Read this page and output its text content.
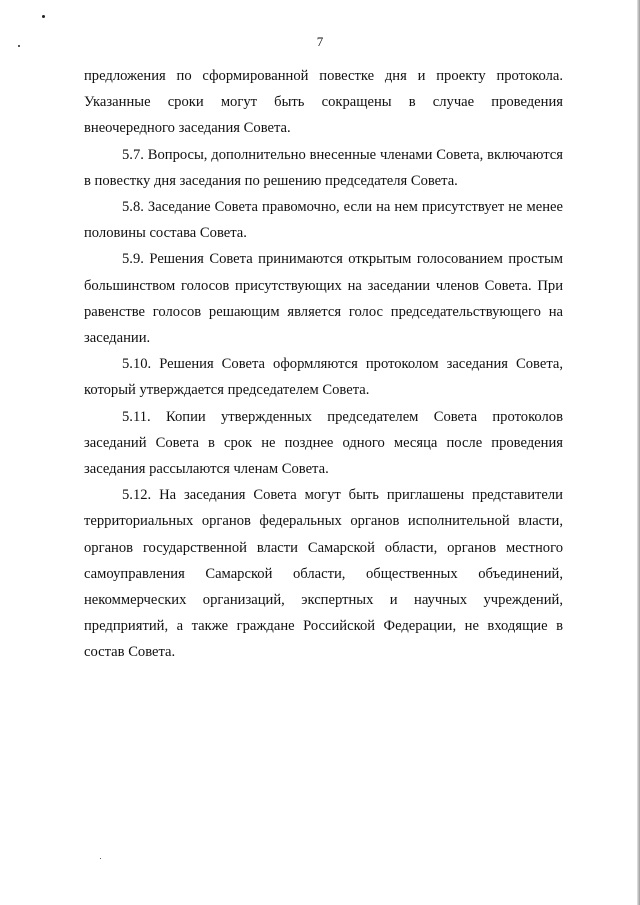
7

предложения по сформированной повестке дня и проекту протокола. Указанные сроки могут быть сокращены в случае проведения внеочередного заседания Совета.

5.7. Вопросы, дополнительно внесенные членами Совета, включаются в повестку дня заседания по решению председателя Совета.

5.8. Заседание Совета правомочно, если на нем присутствует не менее половины состава Совета.

5.9. Решения Совета принимаются открытым голосованием простым большинством голосов присутствующих на заседании членов Совета. При равенстве голосов решающим является голос председательствующего на заседании.

5.10. Решения Совета оформляются протоколом заседания Совета, который утверждается председателем Совета.

5.11. Копии утвержденных председателем Совета протоколов заседаний Совета в срок не позднее одного месяца после проведения заседания рассылаются членам Совета.

5.12. На заседания Совета могут быть приглашены представители территориальных органов федеральных органов исполнительной власти, органов государственной власти Самарской области, органов местного самоуправления Самарской области, общественных объединений, некоммерческих организаций, экспертных и научных учреждений, предприятий, а также граждане Российской Федерации, не входящие в состав Совета.
